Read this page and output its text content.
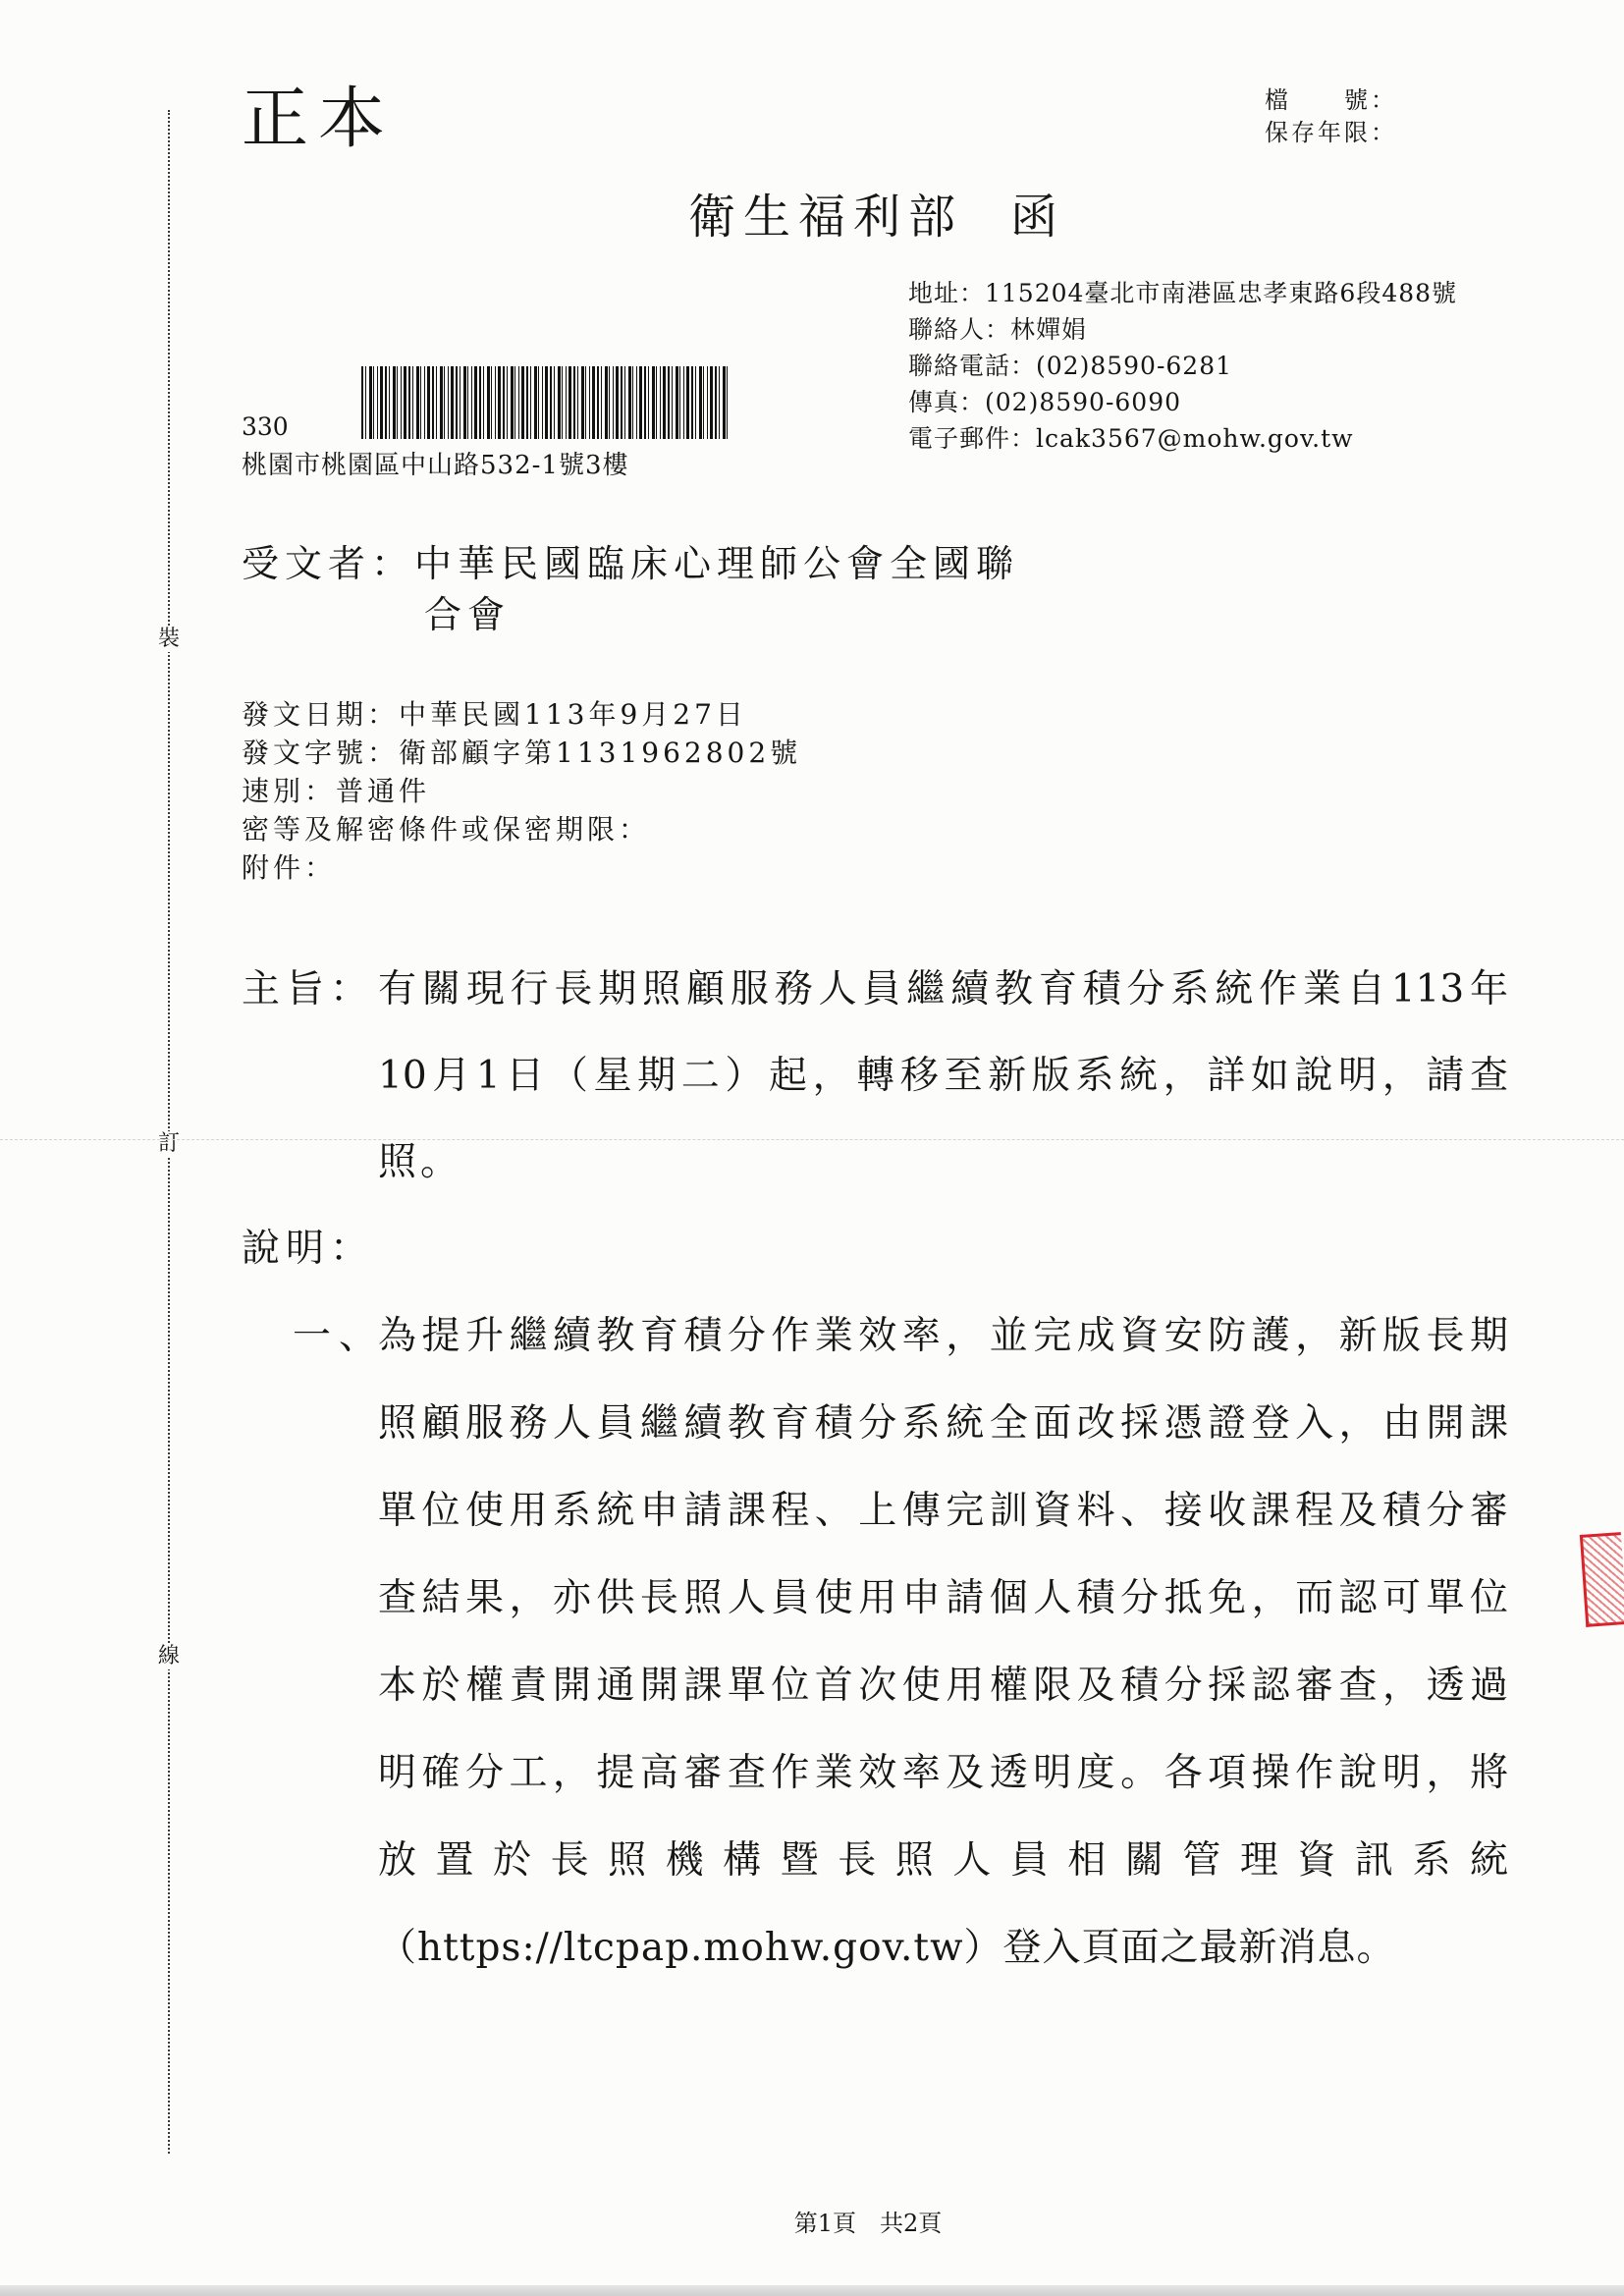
裝
訂
線
正本	檔　　號：
保存年限：
衛生福利部 函
地址：115204臺北市南港區忠孝東路6段488號
聯絡人：林嬋娟
聯絡電話：(02)8590-6281
傳真：(02)8590-6090
電子郵件：lcak3567@mohw.gov.tw
330
桃園市桃園區中山路532-1號3樓
受文者：中華民國臨床心理師公會全國聯
合會
發文日期：中華民國113年9月27日
發文字號：衛部顧字第1131962802號
速別：普通件
密等及解密條件或保密期限：
附件：
主旨： 有關現行長期照顧服務人員繼續教育積分系統作業自113年
10月1日（星期二）起，轉移至新版系統，詳如說明，請查
照。
說明：
一、
為提升繼續教育積分作業效率，並完成資安防護，新版長期
照顧服務人員繼續教育積分系統全面改採憑證登入，由開課
單位使用系統申請課程、上傳完訓資料、接收課程及積分審
查結果，亦供長照人員使用申請個人積分抵免，而認可單位
本於權責開通開課單位首次使用權限及積分採認審查，透過
明確分工，提高審查作業效率及透明度。各項操作說明，將
放置於長照機構暨長照人員相關管理資訊系統
（https://ltcpap.mohw.gov.tw）登入頁面之最新消息。
第1頁　共2頁
